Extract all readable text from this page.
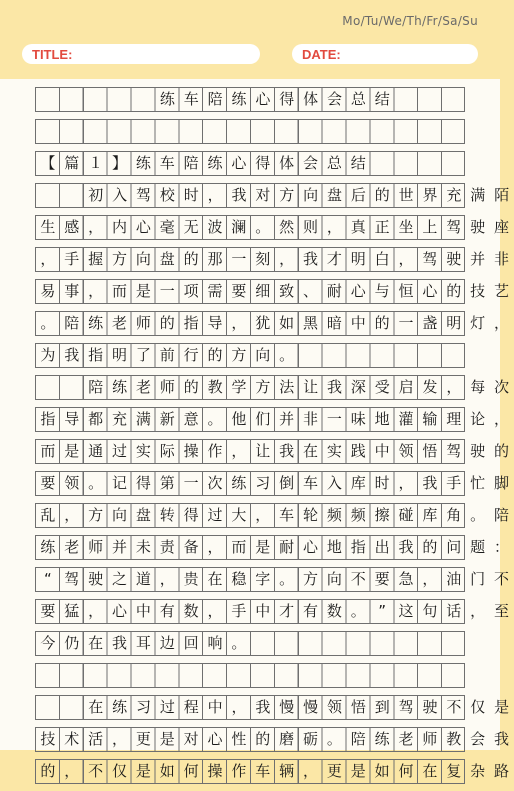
Mo/Tu/We/Th/Fr/Sa/Su
TITLE:	DATE:
练 车 陪 练 心 得 体 会 总 结
【 篇 １ 】 练 车 陪 练 心 得 体 会 总 结
初 入 驾 校 时 ， 我 对 方 向 盘 后 的 世 界 充 满 陌
生 感 ， 内 心 毫 无 波 澜 。 然 则 ， 真 正 坐 上 驾 驶 座
， 手 握 方 向 盘 的 那 一 刻 ， 我 才 明 白 ， 驾 驶 并 非
易 事 ， 而 是 一 项 需 要 细 致 、 耐 心 与 恒 心 的 技 艺
。 陪 练 老 师 的 指 导 ， 犹 如 黑 暗 中 的 一 盏 明 灯 ，
为 我 指 明 了 前 行 的 方 向 。
陪 练 老 师 的 教 学 方 法 让 我 深 受 启 发 ， 每 次
指 导 都 充 满 新 意 。 他 们 并 非 一 味 地 灌 输 理 论 ，
而 是 通 过 实 际 操 作 ， 让 我 在 实 践 中 领 悟 驾 驶 的
要 领 。 记 得 第 一 次 练 习 倒 车 入 库 时 ， 我 手 忙 脚
乱 ， 方 向 盘 转 得 过 大 ， 车 轮 频 频 擦 碰 库 角 。 陪
练 老 师 并 未 责 备 ， 而 是 耐 心 地 指 出 我 的 问 题 ：
“ 驾 驶 之 道 ， 贵 在 稳 字 。 方 向 不 要 急 ， 油 门 不
要 猛 ， 心 中 有 数 ， 手 中 才 有 数 。 ” 这 句 话 ， 至
今 仍 在 我 耳 边 回 响 。
在 练 习 过 程 中 ， 我 慢 慢 领 悟 到 驾 驶 不 仅 是
技 术 活 ， 更 是 对 心 性 的 磨 砺 。 陪 练 老 师 教 会 我
的 ， 不 仅 是 如 何 操 作 车 辆 ， 更 是 如 何 在 复 杂 路
